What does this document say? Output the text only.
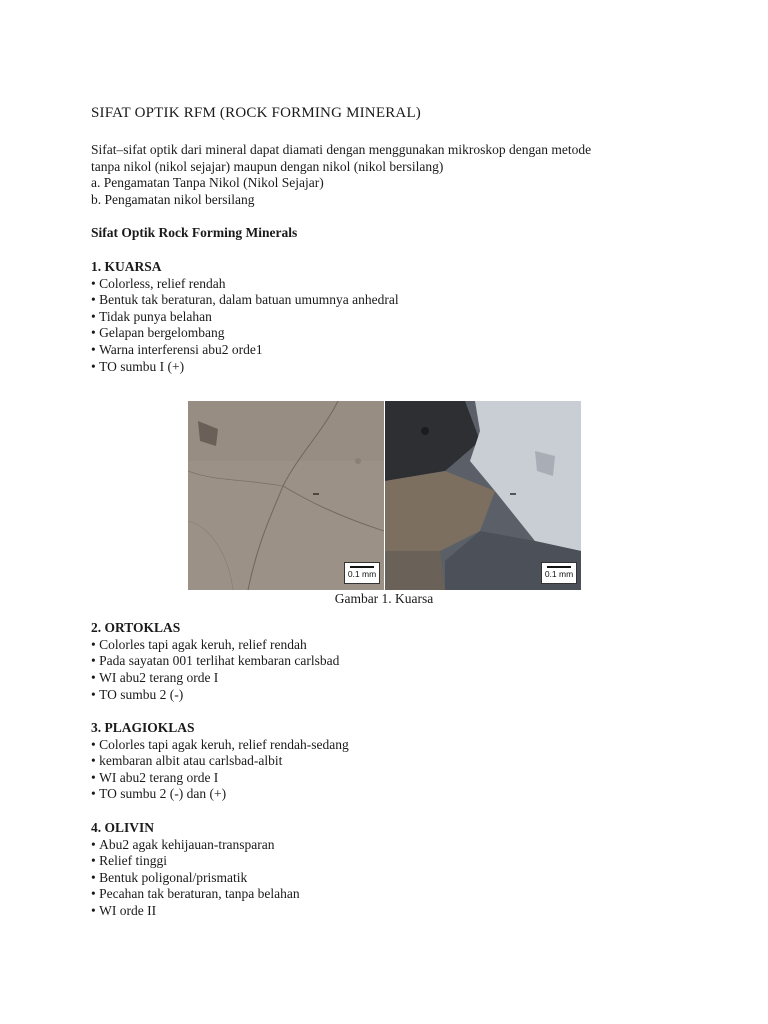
SIFAT OPTIK RFM (ROCK FORMING MINERAL)

Sifat–sifat optik dari mineral dapat diamati dengan menggunakan mikroskop dengan metode

tanpa nikol (nikol sejajar) maupun dengan nikol (nikol bersilang)

a. Pengamatan Tanpa Nikol (Nikol Sejajar)

b. Pengamatan nikol bersilang

Sifat Optik Rock Forming Minerals

1. KUARSA

• Colorless, relief rendah
• Bentuk tak beraturan, dalam batuan umumnya anhedral
• Tidak punya belahan
• Gelapan bergelombang
• Warna interferensi abu2 orde1
• TO sumbu I (+)

2. ORTOKLAS

• Colorles tapi agak keruh, relief rendah
• Pada sayatan 001 terlihat kembaran carlsbad
• WI abu2 terang orde I
• TO sumbu 2 (-)

3. PLAGIOKLAS

• Colorles tapi agak keruh, relief rendah-sedang
• kembaran albit atau carlsbad-albit
• WI abu2 terang orde I
• TO sumbu 2 (-) dan (+)

4. OLIVIN

• Abu2 agak kehijauan-transparan
• Relief tinggi
• Bentuk poligonal/prismatik
• Pecahan tak beraturan, tanpa belahan
• WI orde II
0.1 mm	0.1 mm
Gambar 1. Kuarsa
